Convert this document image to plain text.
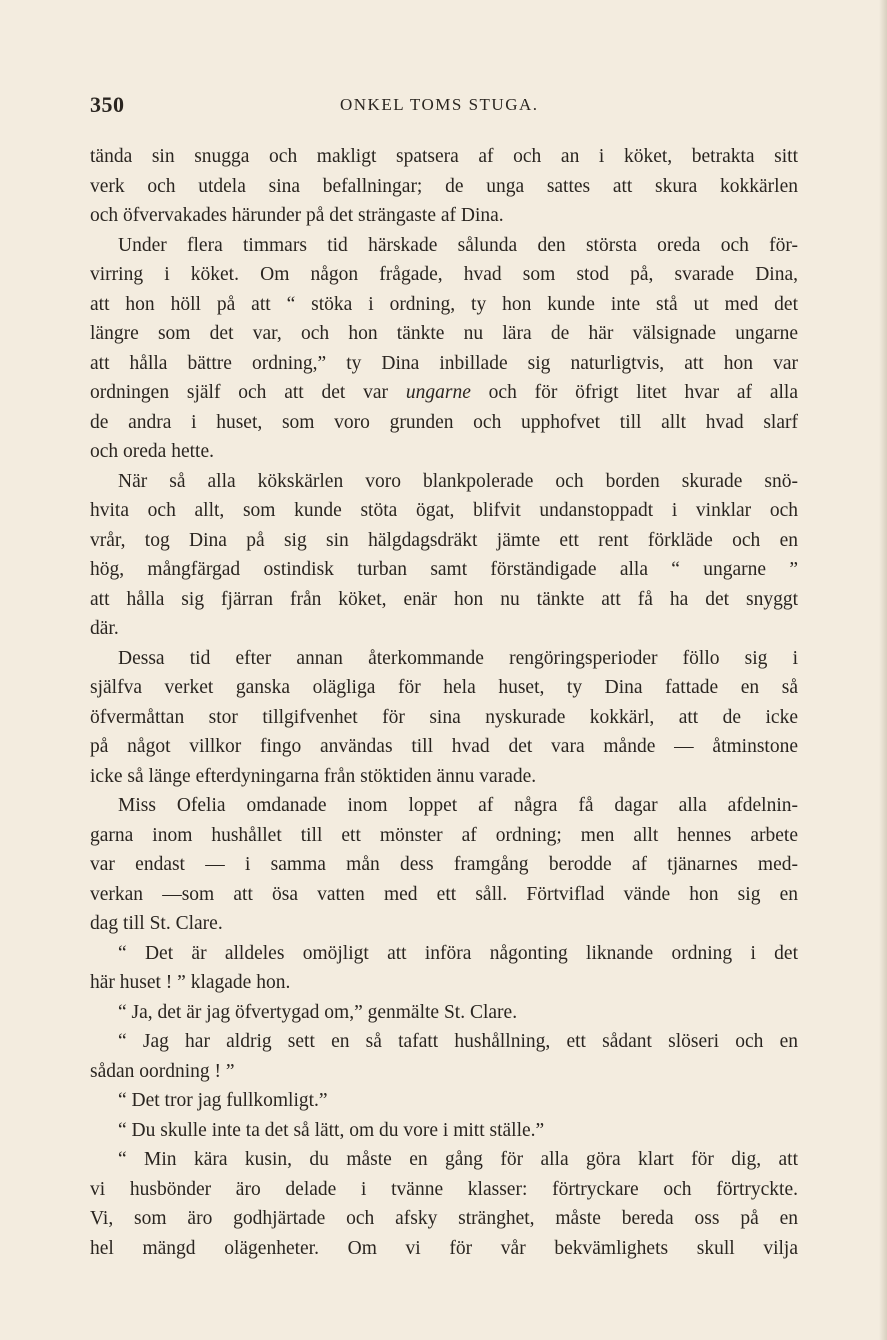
350	ONKEL TOMS STUGA.
tända sin snugga och makligt spatsera af och an i köket, betrakta sitt
verk och utdela sina befallningar; de unga sattes att skura kokkärlen
och öfvervakades härunder på det strängaste af Dina.
Under flera timmars tid härskade sålunda den största oreda och för-
virring i köket. Om någon frågade, hvad som stod på, svarade Dina,
att hon höll på att “ stöka i ordning, ty hon kunde inte stå ut med det
längre som det var, och hon tänkte nu lära de här välsignade ungarne
att hålla bättre ordning,” ty Dina inbillade sig naturligtvis, att hon var
ordningen själf och att det var ungarne och för öfrigt litet hvar af alla
de andra i huset, som voro grunden och upphofvet till allt hvad slarf
och oreda hette.
När så alla kökskärlen voro blankpolerade och borden skurade snö-
hvita och allt, som kunde stöta ögat, blifvit undanstoppadt i vinklar och
vrår, tog Dina på sig sin hälgdagsdräkt jämte ett rent förkläde och en
hög, mångfärgad ostindisk turban samt förständigade alla “ ungarne ”
att hålla sig fjärran från köket, enär hon nu tänkte att få ha det snyggt
där.
Dessa tid efter annan återkommande rengöringsperioder föllo sig i
själfva verket ganska olägliga för hela huset, ty Dina fattade en så
öfvermåttan stor tillgifvenhet för sina nyskurade kokkärl, att de icke
på något villkor fingo användas till hvad det vara månde — åtminstone
icke så länge efterdyningarna från stöktiden ännu varade.
Miss Ofelia omdanade inom loppet af några få dagar alla afdelnin-
garna inom hushållet till ett mönster af ordning; men allt hennes arbete
var endast — i samma mån dess framgång berodde af tjänarnes med-
verkan —som att ösa vatten med ett såll. Förtviflad vände hon sig en
dag till St. Clare.
“ Det är alldeles omöjligt att införa någonting liknande ordning i det
här huset ! ” klagade hon.
“ Ja, det är jag öfvertygad om,” genmälte St. Clare.
“ Jag har aldrig sett en så tafatt hushållning, ett sådant slöseri och en
sådan oordning ! ”
“ Det tror jag fullkomligt.”
“ Du skulle inte ta det så lätt, om du vore i mitt ställe.”
“ Min kära kusin, du måste en gång för alla göra klart för dig, att
vi husbönder äro delade i tvänne klasser: förtryckare och förtryckte.
Vi, som äro godhjärtade och afsky stränghet, måste bereda oss på en
hel mängd olägenheter. Om vi för vår bekvämlighets skull vilja
